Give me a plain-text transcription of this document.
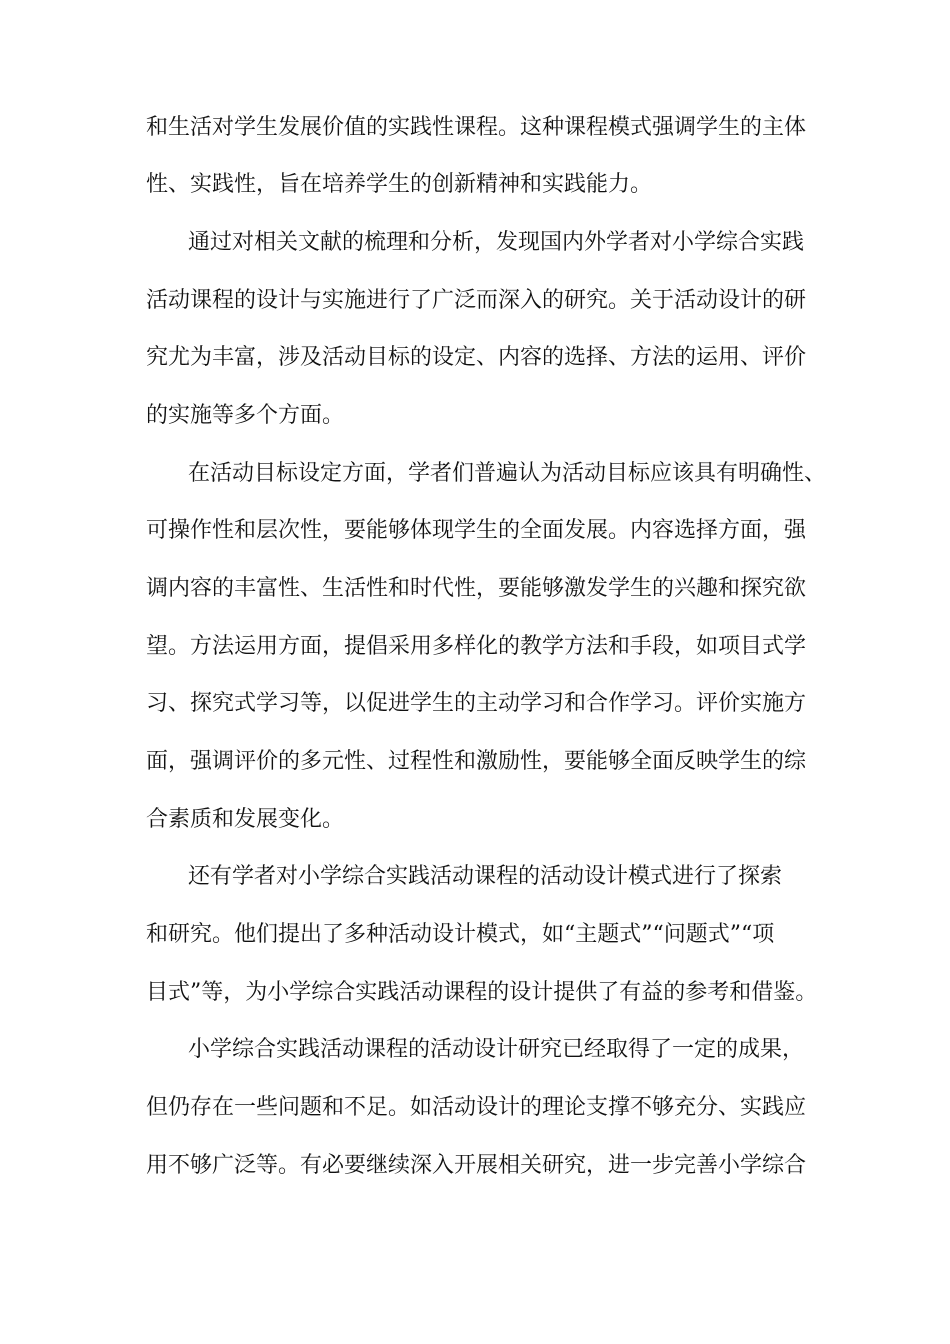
和生活对学生发展价值的实践性课程。这种课程模式强调学生的主体
性、实践性，旨在培养学生的创新精神和实践能力。
通过对相关文献的梳理和分析，发现国内外学者对小学综合实践
活动课程的设计与实施进行了广泛而深入的研究。关于活动设计的研
究尤为丰富，涉及活动目标的设定、内容的选择、方法的运用、评价
的实施等多个方面。
在活动目标设定方面，学者们普遍认为活动目标应该具有明确性、
可操作性和层次性，要能够体现学生的全面发展。内容选择方面，强
调内容的丰富性、生活性和时代性，要能够激发学生的兴趣和探究欲
望。方法运用方面，提倡采用多样化的教学方法和手段，如项目式学
习、探究式学习等，以促进学生的主动学习和合作学习。评价实施方
面，强调评价的多元性、过程性和激励性，要能够全面反映学生的综
合素质和发展变化。
还有学者对小学综合实践活动课程的活动设计模式进行了探索
和研究。他们提出了多种活动设计模式，如“主题式”“问题式”“项
目式”等，为小学综合实践活动课程的设计提供了有益的参考和借鉴。
小学综合实践活动课程的活动设计研究已经取得了一定的成果，
但仍存在一些问题和不足。如活动设计的理论支撑不够充分、实践应
用不够广泛等。有必要继续深入开展相关研究，进一步完善小学综合
